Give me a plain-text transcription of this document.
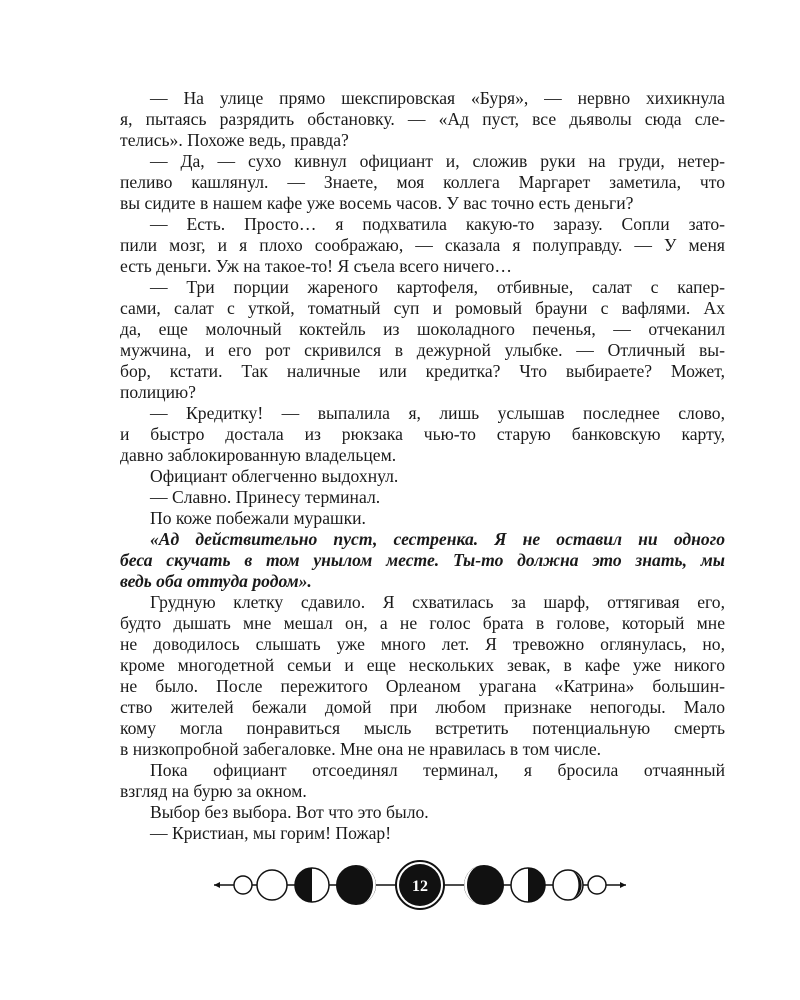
— На улице прямо шекспировская «Буря», — нервно хихикнула
я, пытаясь разрядить обстановку. — «Ад пуст, все дьяволы сюда сле-
телись». Похоже ведь, правда?
— Да, — сухо кивнул официант и, сложив руки на груди, нетер-
пеливо кашлянул. — Знаете, моя коллега Маргарет заметила, что
вы сидите в нашем кафе уже восемь часов. У вас точно есть деньги?
— Есть. Просто… я подхватила какую-то заразу. Сопли зато-
пили мозг, и я плохо соображаю, — сказала я полуправду. — У меня
есть деньги. Уж на такое-то! Я съела всего ничего…
— Три порции жареного картофеля, отбивные, салат с капер-
сами, салат с уткой, томатный суп и ромовый брауни с вафлями. Ах
да, еще молочный коктейль из шоколадного печенья, — отчеканил
мужчина, и его рот скривился в дежурной улыбке. — Отличный вы-
бор, кстати. Так наличные или кредитка? Что выбираете? Может,
полицию?
— Кредитку! — выпалила я, лишь услышав последнее слово,
и быстро достала из рюкзака чью-то старую банковскую карту,
давно заблокированную владельцем.
Официант облегченно выдохнул.
— Славно. Принесу терминал.
По коже побежали мурашки.
«Ад действительно пуст, сестренка. Я не оставил ни одного
беса скучать в том унылом месте. Ты-то должна это знать, мы
ведь оба оттуда родом».
Грудную клетку сдавило. Я схватилась за шарф, оттягивая его,
будто дышать мне мешал он, а не голос брата в голове, который мне
не доводилось слышать уже много лет. Я тревожно оглянулась, но,
кроме многодетной семьи и еще нескольких зевак, в кафе уже никого
не было. После пережитого Орлеаном урагана «Катрина» большин-
ство жителей бежали домой при любом признаке непогоды. Мало
кому могла понравиться мысль встретить потенциальную смерть
в низкопробной забегаловке. Мне она не нравилась в том числе.
Пока официант отсоединял терминал, я бросила отчаянный
взгляд на бурю за окном.
Выбор без выбора. Вот что это было.
— Кристиан, мы горим! Пожар!
12
